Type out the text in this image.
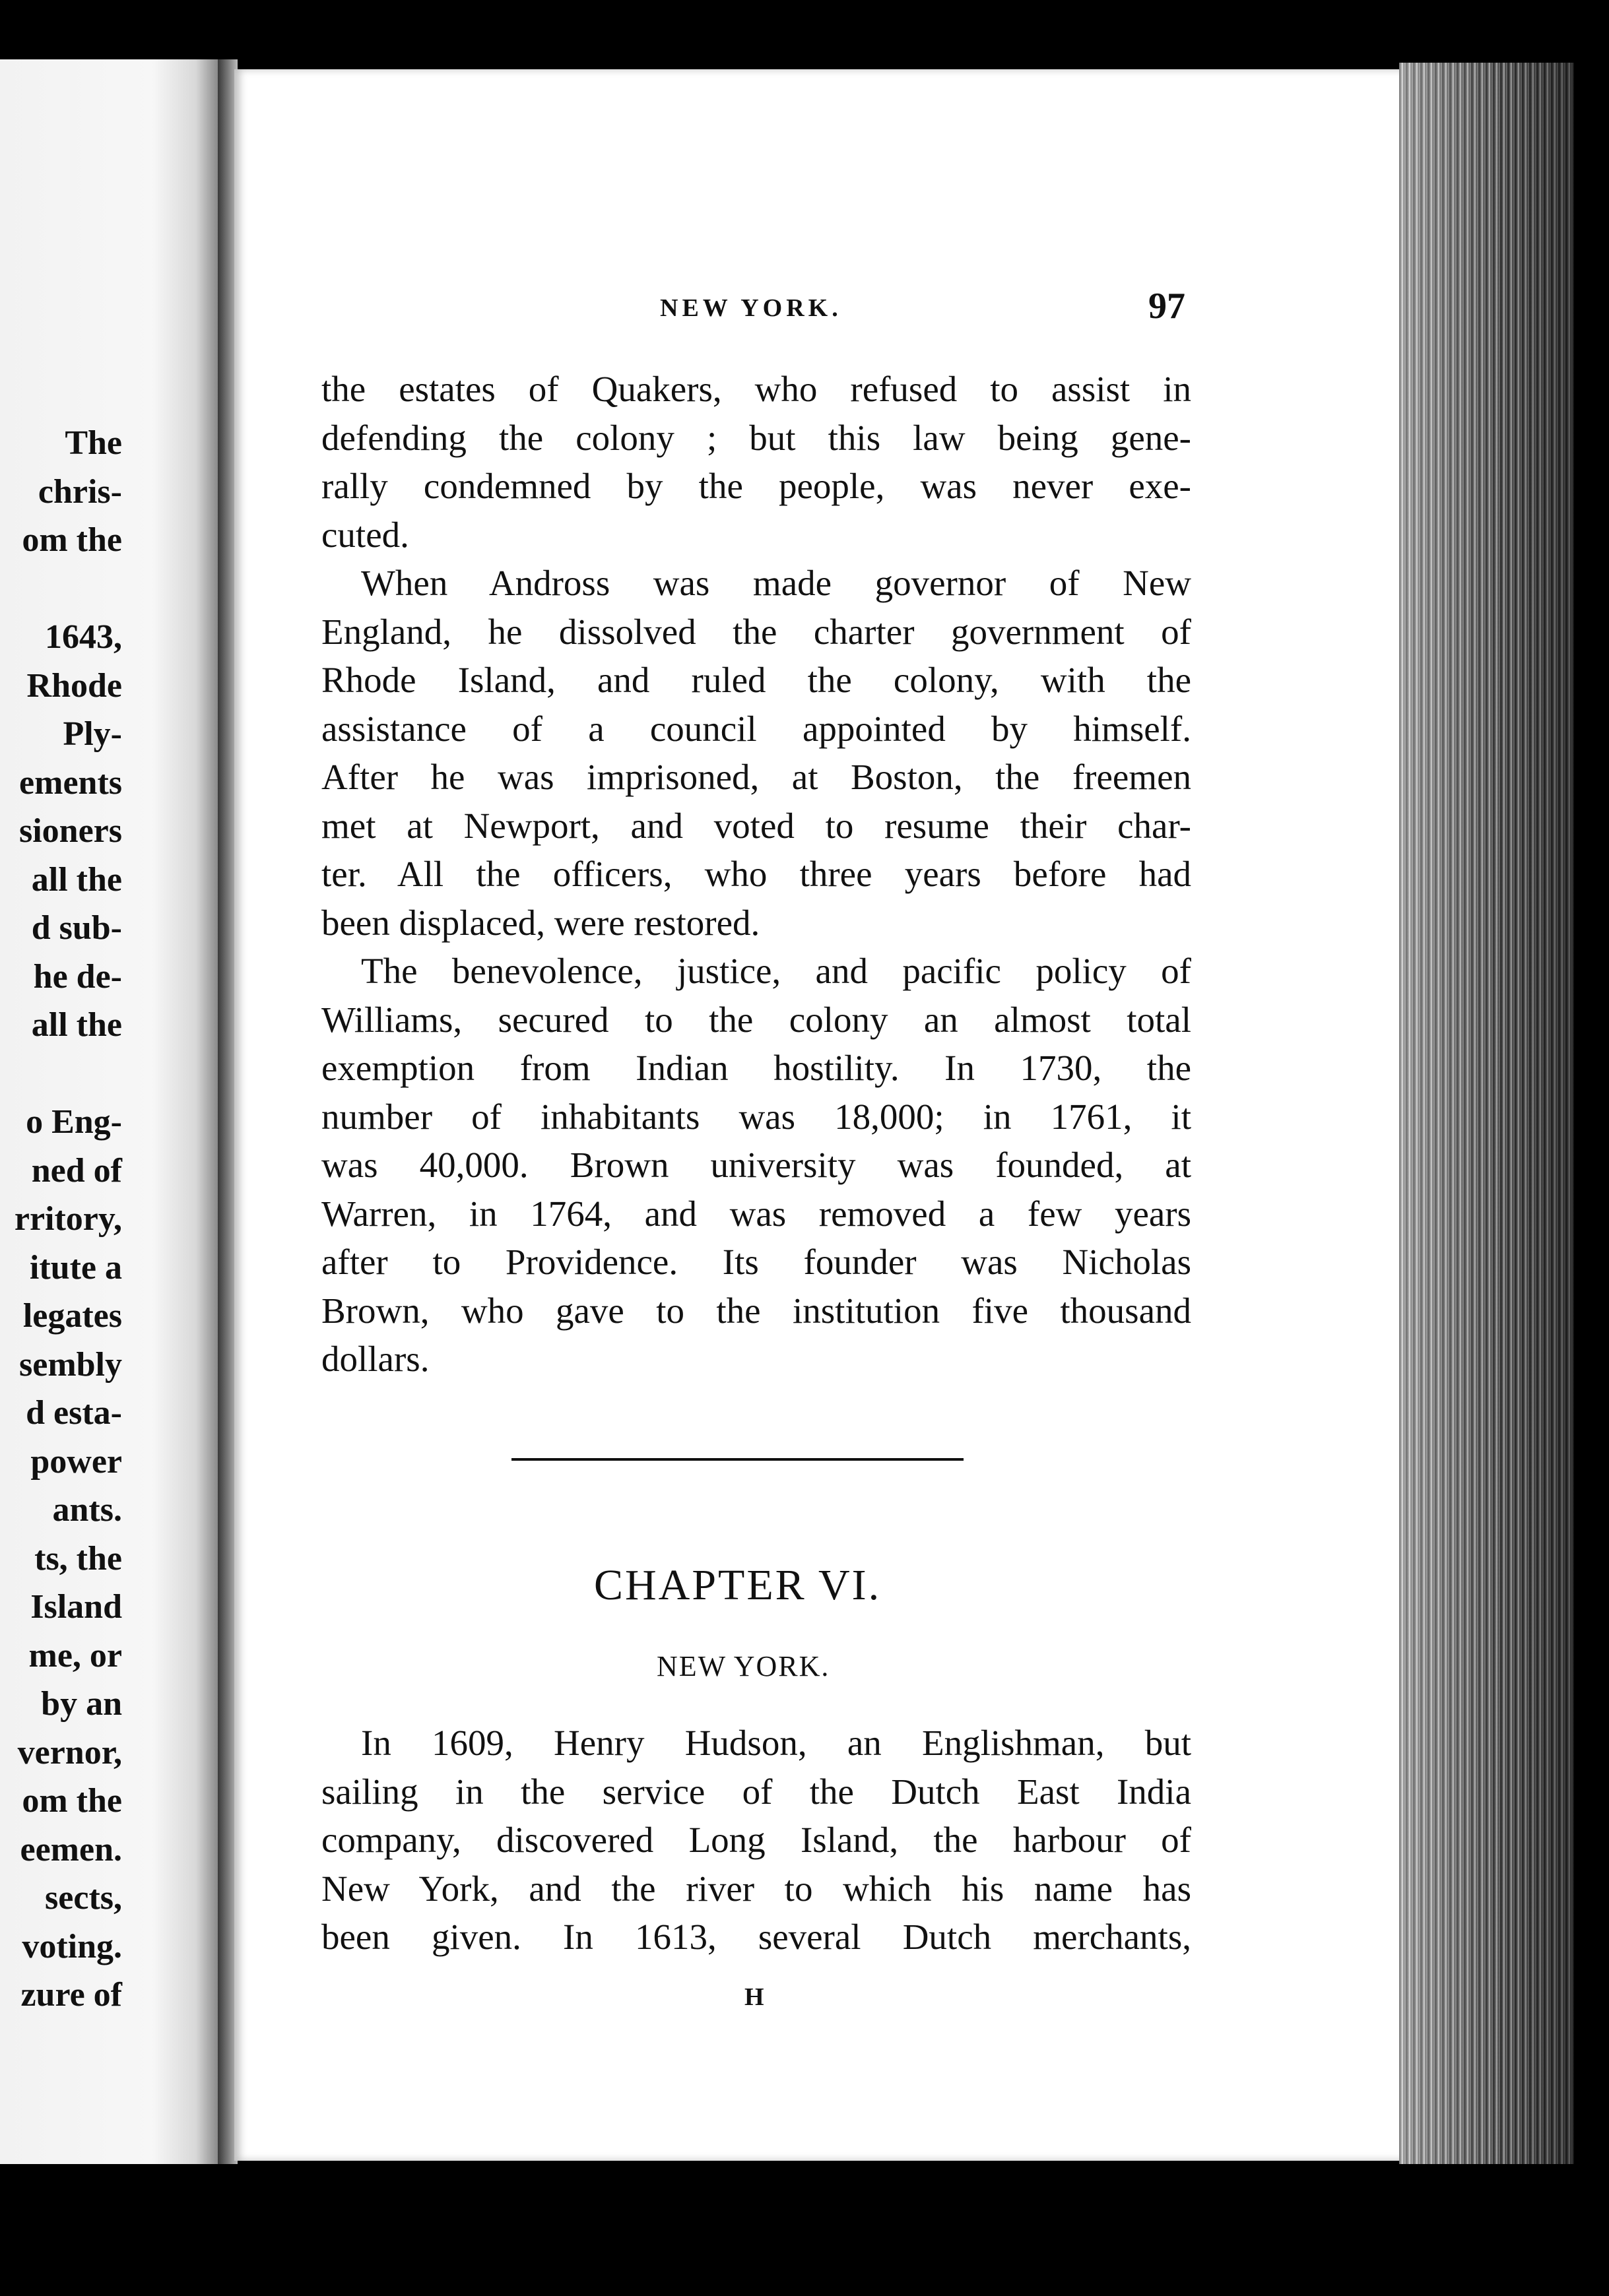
The
chris-
om the
1643,
Rhode
Ply-
ements
sioners
all the
d sub-
he de-
all the
o Eng-
ned of
rritory,
itute a
legates
sembly
d esta-
power
ants.
ts, the
Island
me, or
by an
vernor,
om the
eemen.
sects,
voting.
zure of
NEW YORK.	97
the estates of Quakers, who refused to assist in
defending the colony ; but this law being gene-
rally condemned by the people, was never exe-
cuted.
When Andross was made governor of New
England, he dissolved the charter government of
Rhode Island, and ruled the colony, with the
assistance of a council appointed by himself.
After he was imprisoned, at Boston, the freemen
met at Newport, and voted to resume their char-
ter. All the officers, who three years before had
been displaced, were restored.
The benevolence, justice, and pacific policy of
Williams, secured to the colony an almost total
exemption from Indian hostility. In 1730, the
number of inhabitants was 18,000; in 1761, it
was 40,000. Brown university was founded, at
Warren, in 1764, and was removed a few years
after to Providence. Its founder was Nicholas
Brown, who gave to the institution five thousand
dollars.
CHAPTER VI.
NEW YORK.
In 1609, Henry Hudson, an Englishman, but
sailing in the service of the Dutch East India
company, discovered Long Island, the harbour of
New York, and the river to which his name has
been given. In 1613, several Dutch merchants,
H
